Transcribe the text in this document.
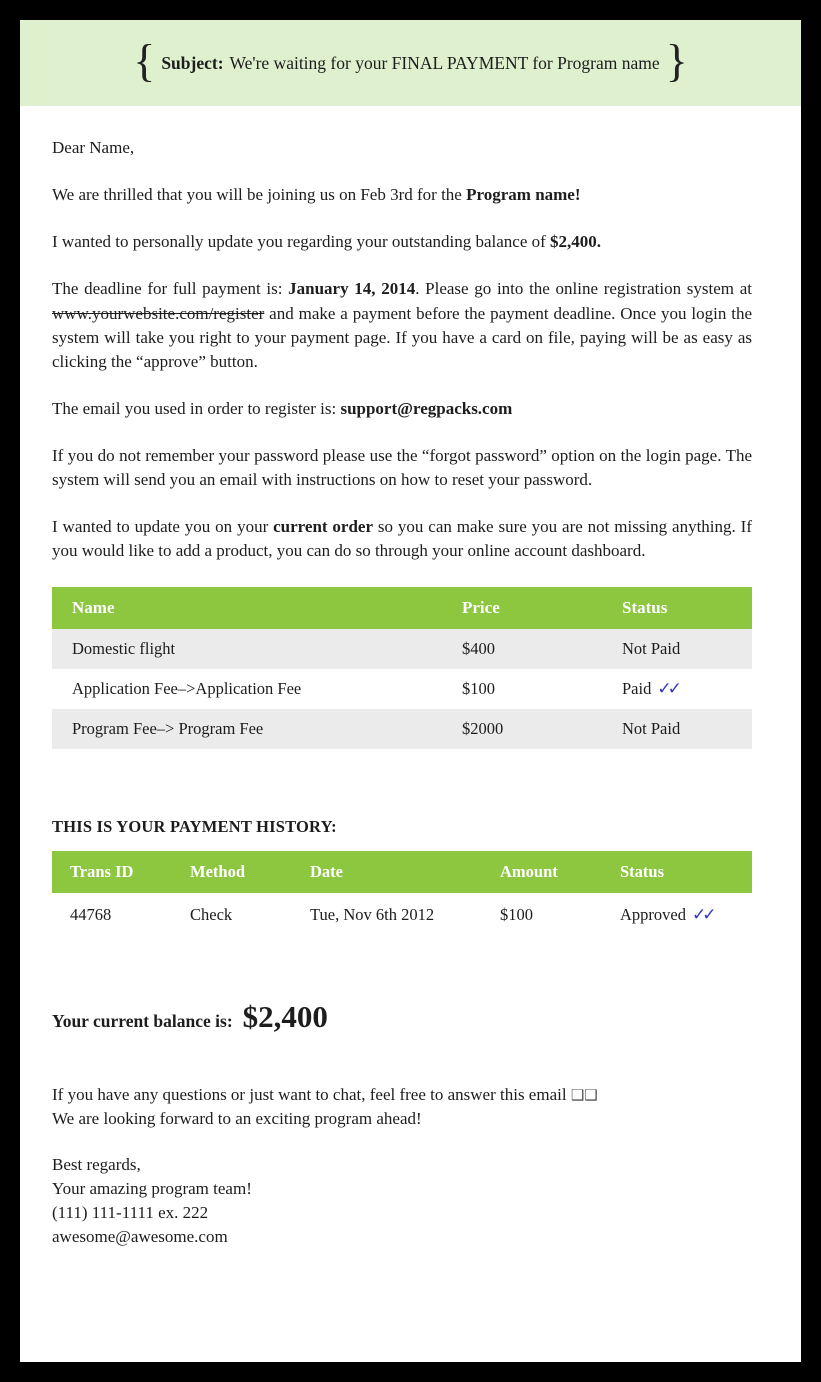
{ Subject: We're waiting for your FINAL PAYMENT for Program name }

Dear Name,

We are thrilled that you will be joining us on Feb 3rd for the Program name!

I wanted to personally update you regarding your outstanding balance of $2,400.

The deadline for full payment is: January 14, 2014. Please go into the online registration system at www.yourwebsite.com/register and make a payment before the payment deadline. Once you login the system will take you right to your payment page. If you have a card on file, paying will be as easy as clicking the “approve” button.

The email you used in order to register is: support@regpacks.com

If you do not remember your password please use the “forgot password” option on the login page. The system will send you an email with instructions on how to reset your password.

I wanted to update you on your current order so you can make sure you are not missing anything. If you would like to add a product, you can do so through your online account dashboard.

Name	Price	Status
Domestic flight	$400	Not Paid
Application Fee–>Application Fee	$100	Paid ✓✓
Program Fee–> Program Fee	$2000	Not Paid

THIS IS YOUR PAYMENT HISTORY:

Trans ID	Method	Date	Amount	Status
44768	Check	Tue, Nov 6th 2012	$100	Approved ✓✓
Your current balance is: $2,400

If you have any questions or just want to chat, feel free to answer this email ❑❑
We are looking forward to an exciting program ahead!

Best regards,

Your amazing program team!

(111) 111-1111 ex. 222

awesome@awesome.com
